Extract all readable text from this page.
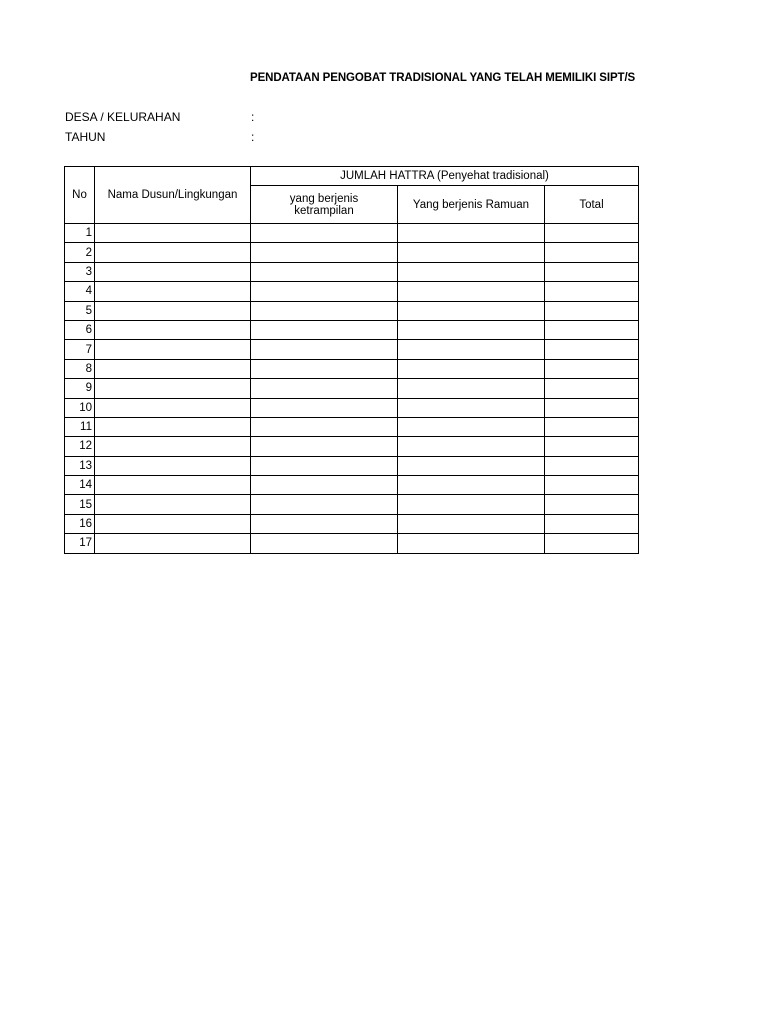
PENDATAAN PENGOBAT TRADISIONAL YANG TELAH MEMILIKI SIPT/S
DESA / KELURAHAN	:
TAHUN	:
No	Nama Dusun/Lingkungan	JUMLAH HATTRA (Penyehat tradisional)		

		yang berjenis ketrampilan	Yang berjenis Ramuan	Total
1				
2				
3				
4				
5				
6				
7				
8				
9				
10				
11				
12				
13				
14				
15				
16				
17				
